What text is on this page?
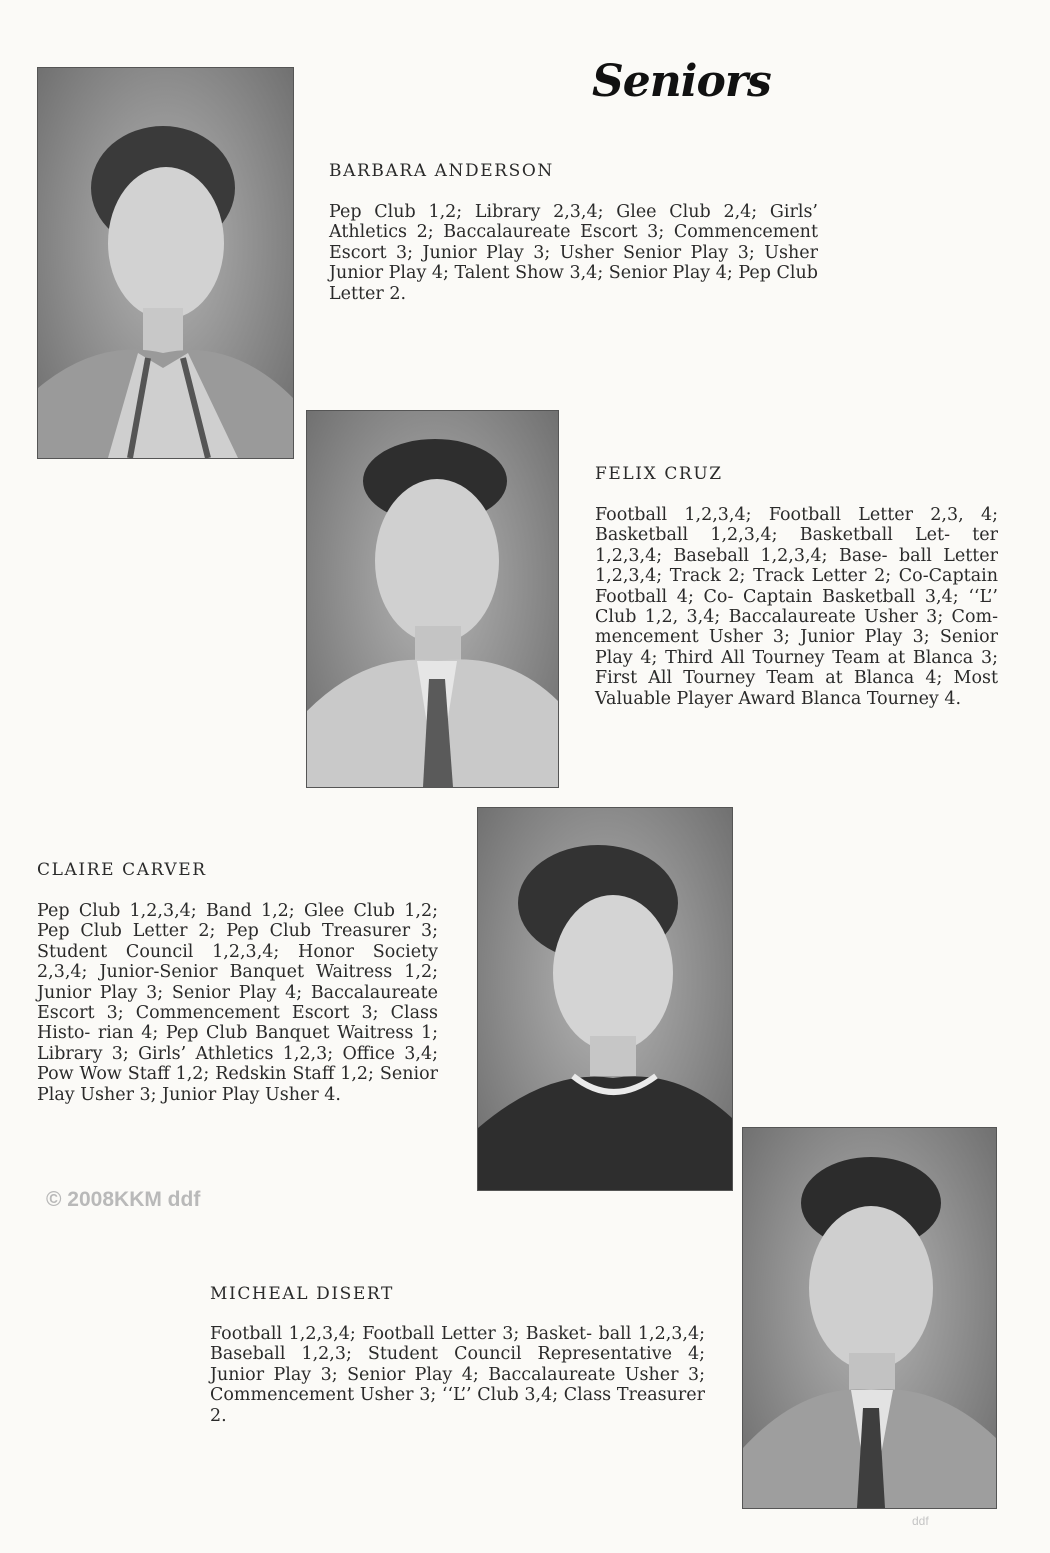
Seniors
BARBARA ANDERSON
Pep Club 1,2; Library 2,3,4; Glee Club 2,4; Girls’ Athletics 2; Baccalaureate Escort 3; Commencement Escort 3; Junior Play 3; Usher Senior Play 3; Usher Junior Play 4; Talent Show 3,4; Senior Play 4; Pep Club Letter 2.
FELIX CRUZ
Football 1,2,3,4; Football Letter 2,3, 4; Basketball 1,2,3,4; Basketball Let- ter 1,2,3,4; Baseball 1,2,3,4; Base- ball Letter 1,2,3,4; Track 2; Track Letter 2; Co-Captain Football 4; Co- Captain Basketball 3,4; ‘‘L’’ Club 1,2, 3,4; Baccalaureate Usher 3; Com- mencement Usher 3; Junior Play 3; Senior Play 4; Third All Tourney Team at Blanca 3; First All Tourney Team at Blanca 4; Most Valuable Player Award Blanca Tourney 4.
CLAIRE CARVER
Pep Club 1,2,3,4; Band 1,2; Glee Club 1,2; Pep Club Letter 2; Pep Club Treasurer 3; Student Council 1,2,3,4; Honor Society 2,3,4; Junior-Senior Banquet Waitress 1,2; Junior Play 3; Senior Play 4; Baccalaureate Escort 3; Commencement Escort 3; Class Histo- rian 4; Pep Club Banquet Waitress 1; Library 3; Girls’ Athletics 1,2,3; Office 3,4; Pow Wow Staff 1,2; Redskin Staff 1,2; Senior Play Usher 3; Junior Play Usher 4.
MICHEAL DISERT
Football 1,2,3,4; Football Letter 3; Basket- ball 1,2,3,4; Baseball 1,2,3; Student Council Representative 4; Junior Play 3; Senior Play 4; Baccalaureate Usher 3; Commencement Usher 3; ‘‘L’’ Club 3,4; Class Treasurer 2.
© 2008KKM ddf
ddf
